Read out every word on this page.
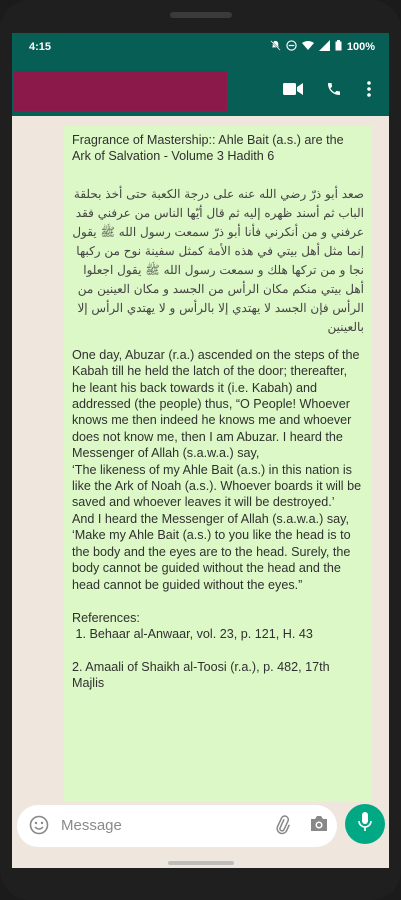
4:15	100%

Fragrance of Mastership:: Ahle Bait (a.s.) are the Ark of Salvation - Volume 3 Hadith 6

صعد أبو ذرّ رضي الله عنه على درجة الكعبة حتى أخذ بحلقة الباب ثم أسند ظهره إليه ثم قال أيّها الناس من عرفني فقد عرفني و من أنكرني فأنا أبو ذرّ سمعت رسول الله ﷺ يقول إنما مثل أهل بيتي في هذه الأمة كمثل سفينة نوح من ركبها نجا و من تركها هلك و سمعت رسول الله ﷺ يقول اجعلوا أهل بيتي منكم مكان الرأس من الجسد و مكان العينين من الرأس فإن الجسد لا يهتدي إلا بالرأس و لا يهتدي الرأس إلا بالعينين

One day, Abuzar (r.a.) ascended on the steps of the Kabah till he held the latch of the door; thereafter, he leant his back towards it (i.e. Kabah) and addressed (the people) thus, “O People! Whoever knows me then indeed he knows me and whoever does not know me, then I am Abuzar. I heard the Messenger of Allah (s.a.w.a.) say,

‘The likeness of my Ahle Bait (a.s.) in this nation is like the Ark of Noah (a.s.). Whoever boards it will be saved and whoever leaves it will be destroyed.’

And I heard the Messenger of Allah (s.a.w.a.) say,

‘Make my Ahle Bait (a.s.) to you like the head is to the body and the eyes are to the head. Surely, the body cannot be guided without the head and the head cannot be guided without the eyes.”

References:

1. Behaar al-Anwaar, vol. 23, p. 121, H. 43

2. Amaali of Shaikh al-Toosi (r.a.), p. 482, 17th Majlis

Message
